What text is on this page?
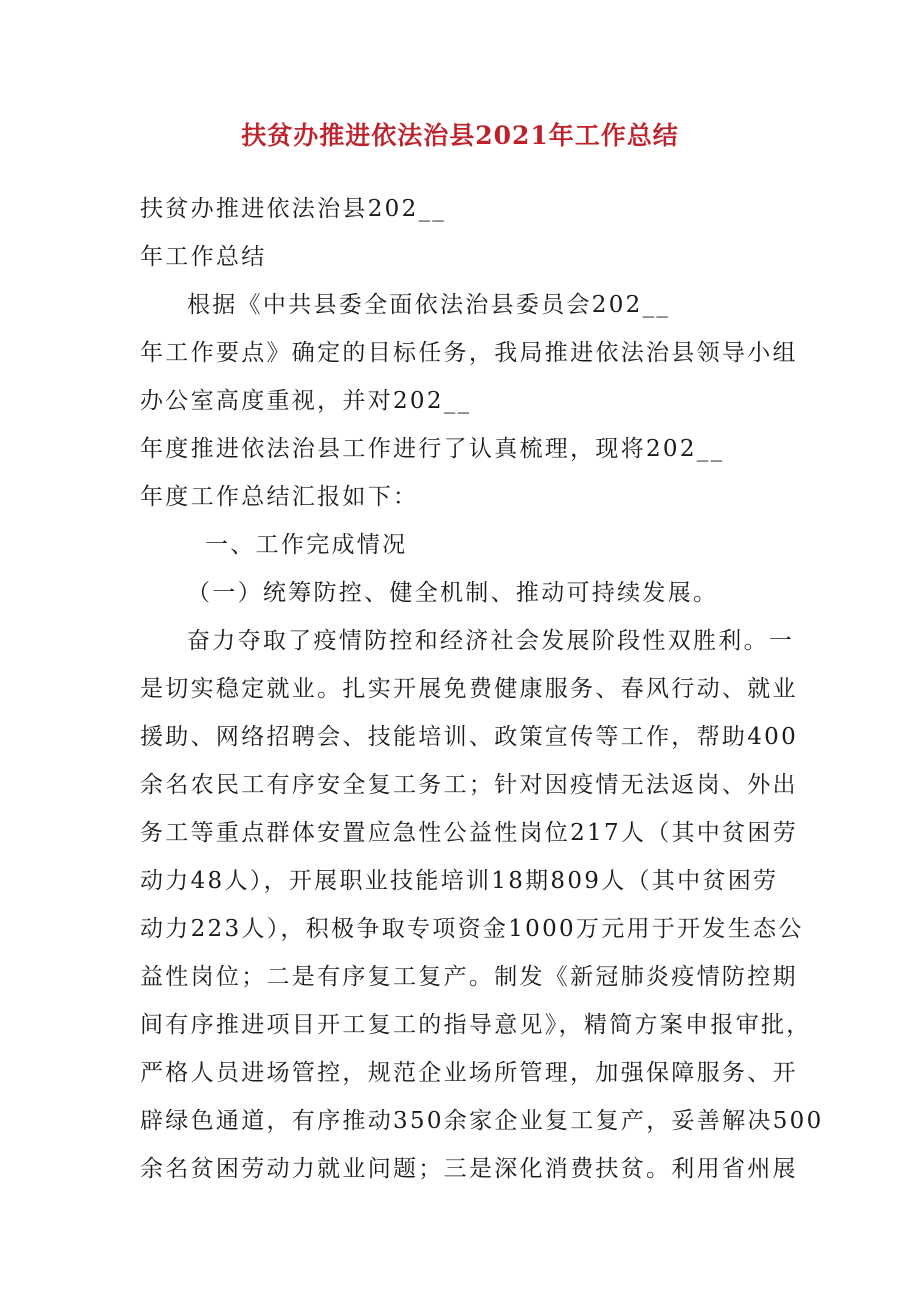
扶贫办推进依法治县2021年工作总结
扶贫办推进依法治县202__
年工作总结
根据《中共县委全面依法治县委员会202__
年工作要点》确定的目标任务，我局推进依法治县领导小组
办公室高度重视，并对202__
年度推进依法治县工作进行了认真梳理，现将202__
年度工作总结汇报如下：
一、工作完成情况
（一）统筹防控、健全机制、推动可持续发展。
奋力夺取了疫情防控和经济社会发展阶段性双胜利。一
是切实稳定就业。扎实开展免费健康服务、春风行动、就业
援助、网络招聘会、技能培训、政策宣传等工作，帮助400
余名农民工有序安全复工务工；针对因疫情无法返岗、外出
务工等重点群体安置应急性公益性岗位217人（其中贫困劳
动力48人），开展职业技能培训18期809人（其中贫困劳
动力223人），积极争取专项资金1000万元用于开发生态公
益性岗位；二是有序复工复产。制发《新冠肺炎疫情防控期
间有序推进项目开工复工的指导意见》，精简方案申报审批，
严格人员进场管控，规范企业场所管理，加强保障服务、开
辟绿色通道，有序推动350余家企业复工复产，妥善解决500
余名贫困劳动力就业问题；三是深化消费扶贫。利用省州展
